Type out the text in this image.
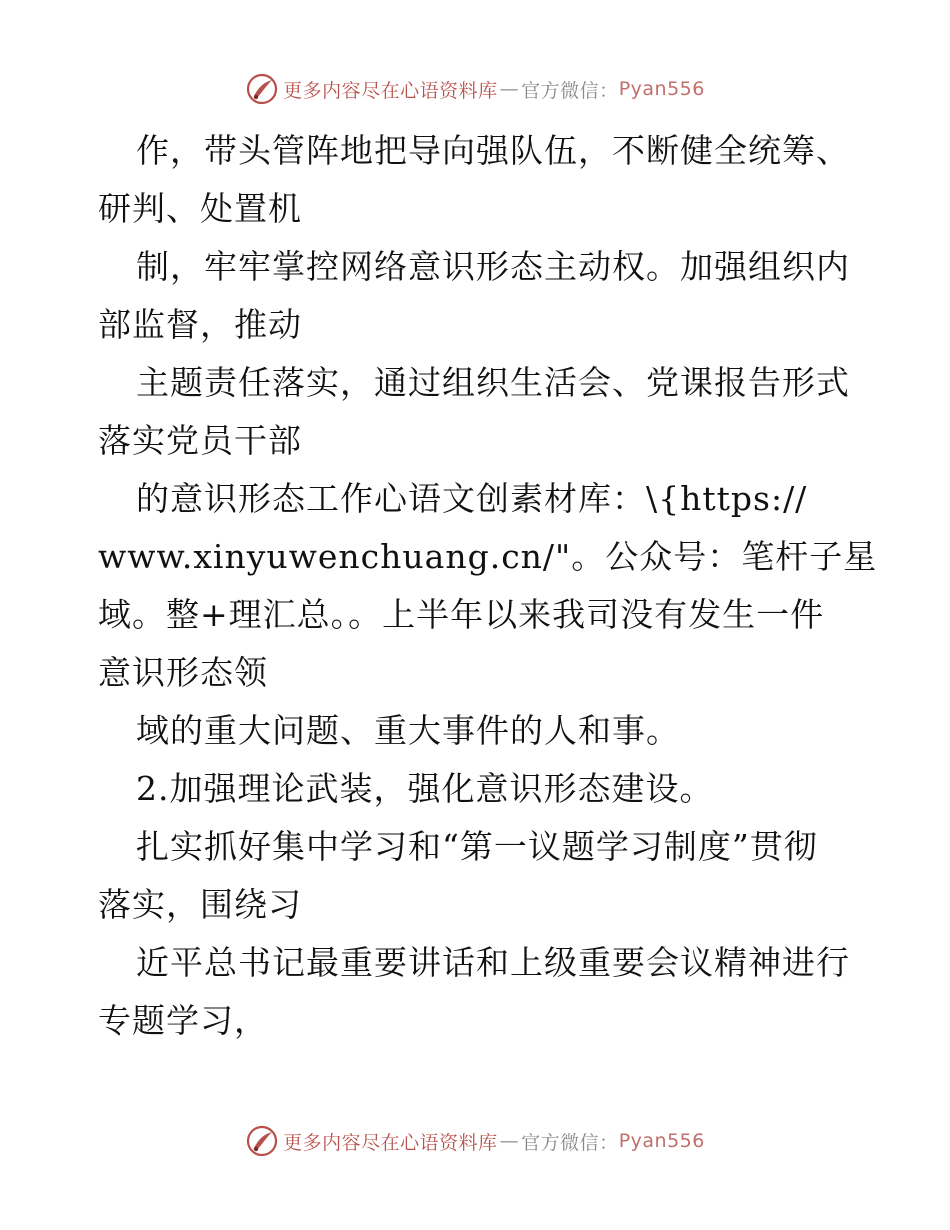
更多内容尽在心语资料库 — 官方微信： Pyan556
作，带头管阵地把导向强队伍，不断健全统筹、
研判、处置机
制，牢牢掌控网络意识形态主动权。加强组织内
部监督，推动
主题责任落实，通过组织生活会、党课报告形式
落实党员干部
的意识形态工作心语文创素材库：\{https://
www.xinyuwenchuang.cn/"。公众号：笔杆子星
域。整+理汇总。。上半年以来我司没有发生一件
意识形态领
域的重大问题、重大事件的人和事。
2.加强理论武装，强化意识形态建设。
扎实抓好集中学习和“第一议题学习制度”贯彻
落实，围绕习
近平总书记最重要讲话和上级重要会议精神进行
专题学习，
更多内容尽在心语资料库 — 官方微信： Pyan556
